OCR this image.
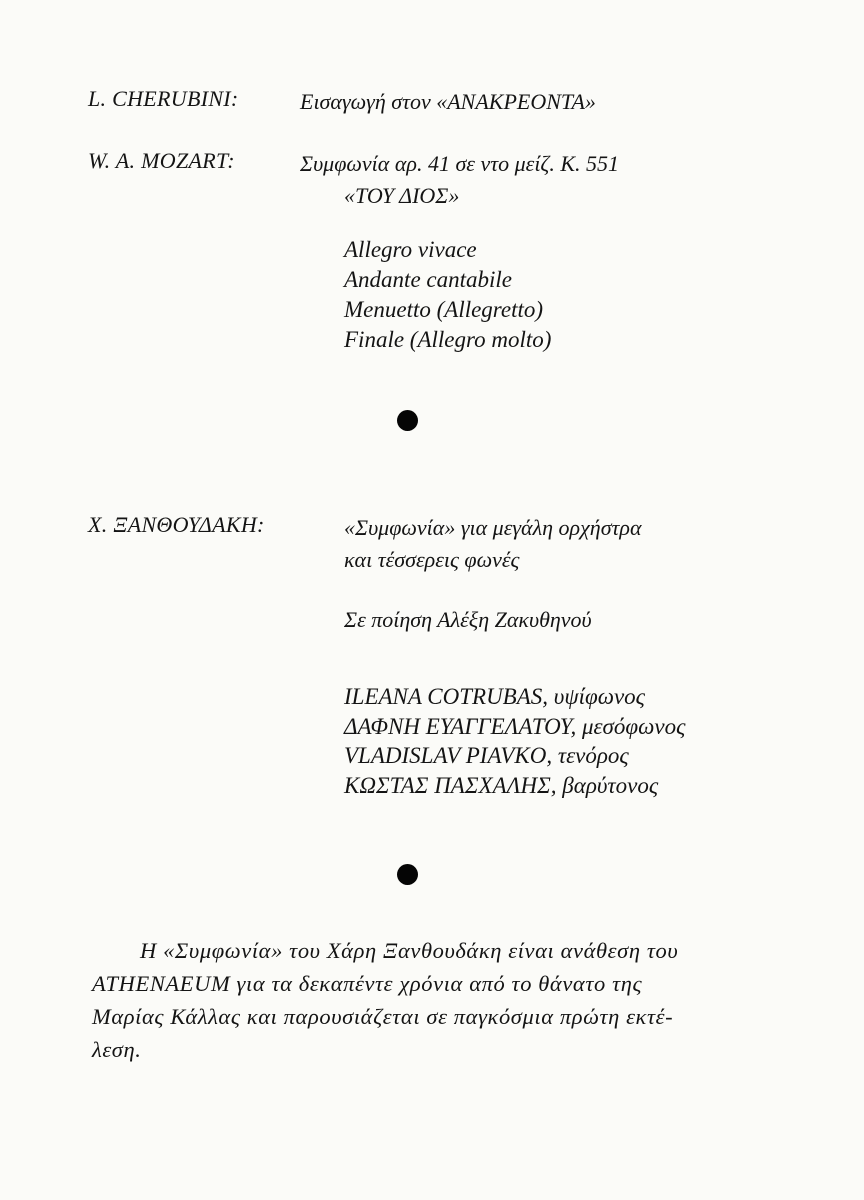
L. CHERUBINI:	Εισαγωγή στον «ΑΝΑΚΡΕΟΝΤΑ»
W. A. MOZART:	Συμφωνία αρ. 41 σε ντο μείζ. Κ. 551
«ΤΟΥ ΔΙΟΣ»
Allegro vivace
Andante cantabile
Menuetto (Allegretto)
Finale (Allegro molto)
X. ΞΑΝΘΟΥΔΑΚΗ:	«Συμφωνία» για μεγάλη ορχήστρα
και τέσσερεις φωνές
Σε ποίηση Αλέξη Ζακυθηνού
ILEANA COTRUBAS, υψίφωνος
ΔΑΦΝΗ ΕΥΑΓΓΕΛΑΤΟΥ, μεσόφωνος
VLADISLAV PIAVKO, τενόρος
ΚΩΣΤΑΣ ΠΑΣΧΑΛΗΣ, βαρύτονος
Η «Συμφωνία» του Χάρη Ξανθουδάκη είναι ανάθεση του
ATHENAEUM για τα δεκαπέντε χρόνια από το θάνατο της
Μαρίας Κάλλας και παρουσιάζεται σε παγκόσμια πρώτη εκτέ-
λεση.
